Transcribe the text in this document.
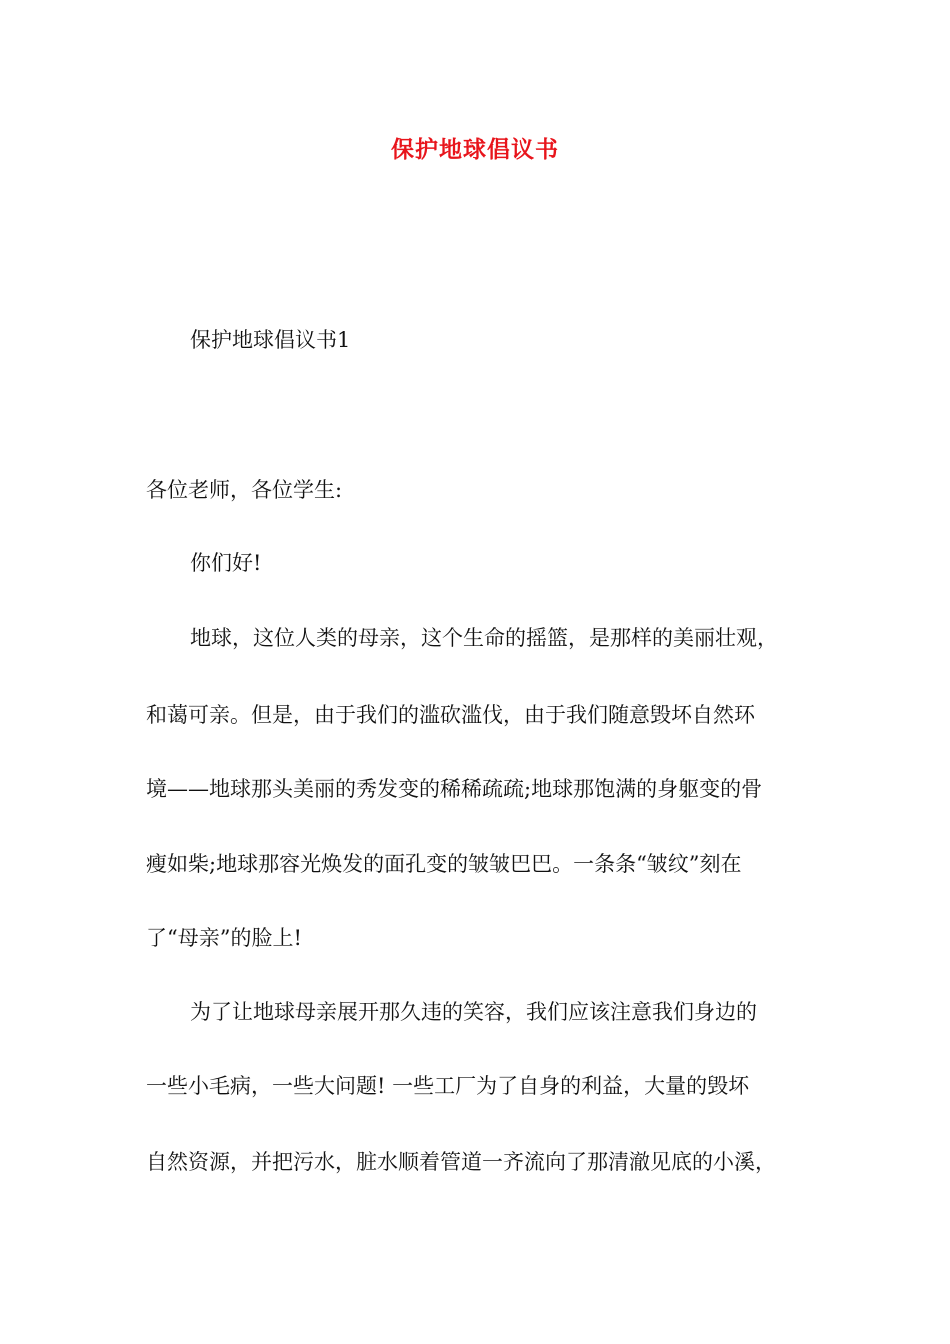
保护地球倡议书

保护地球倡议书1

各位老师，各位学生:

你们好!

地球，这位人类的母亲，这个生命的摇篮，是那样的美丽壮观，

和蔼可亲。但是，由于我们的滥砍滥伐，由于我们随意毁坏自然环

境——地球那头美丽的秀发变的稀稀疏疏;地球那饱满的身躯变的骨

瘦如柴;地球那容光焕发的面孔变的皱皱巴巴。一条条“皱纹”刻在

了“母亲”的脸上!

为了让地球母亲展开那久违的笑容，我们应该注意我们身边的

一些小毛病，一些大问题! 一些工厂为了自身的利益，大量的毁坏

自然资源，并把污水，脏水顺着管道一齐流向了那清澈见底的小溪，
